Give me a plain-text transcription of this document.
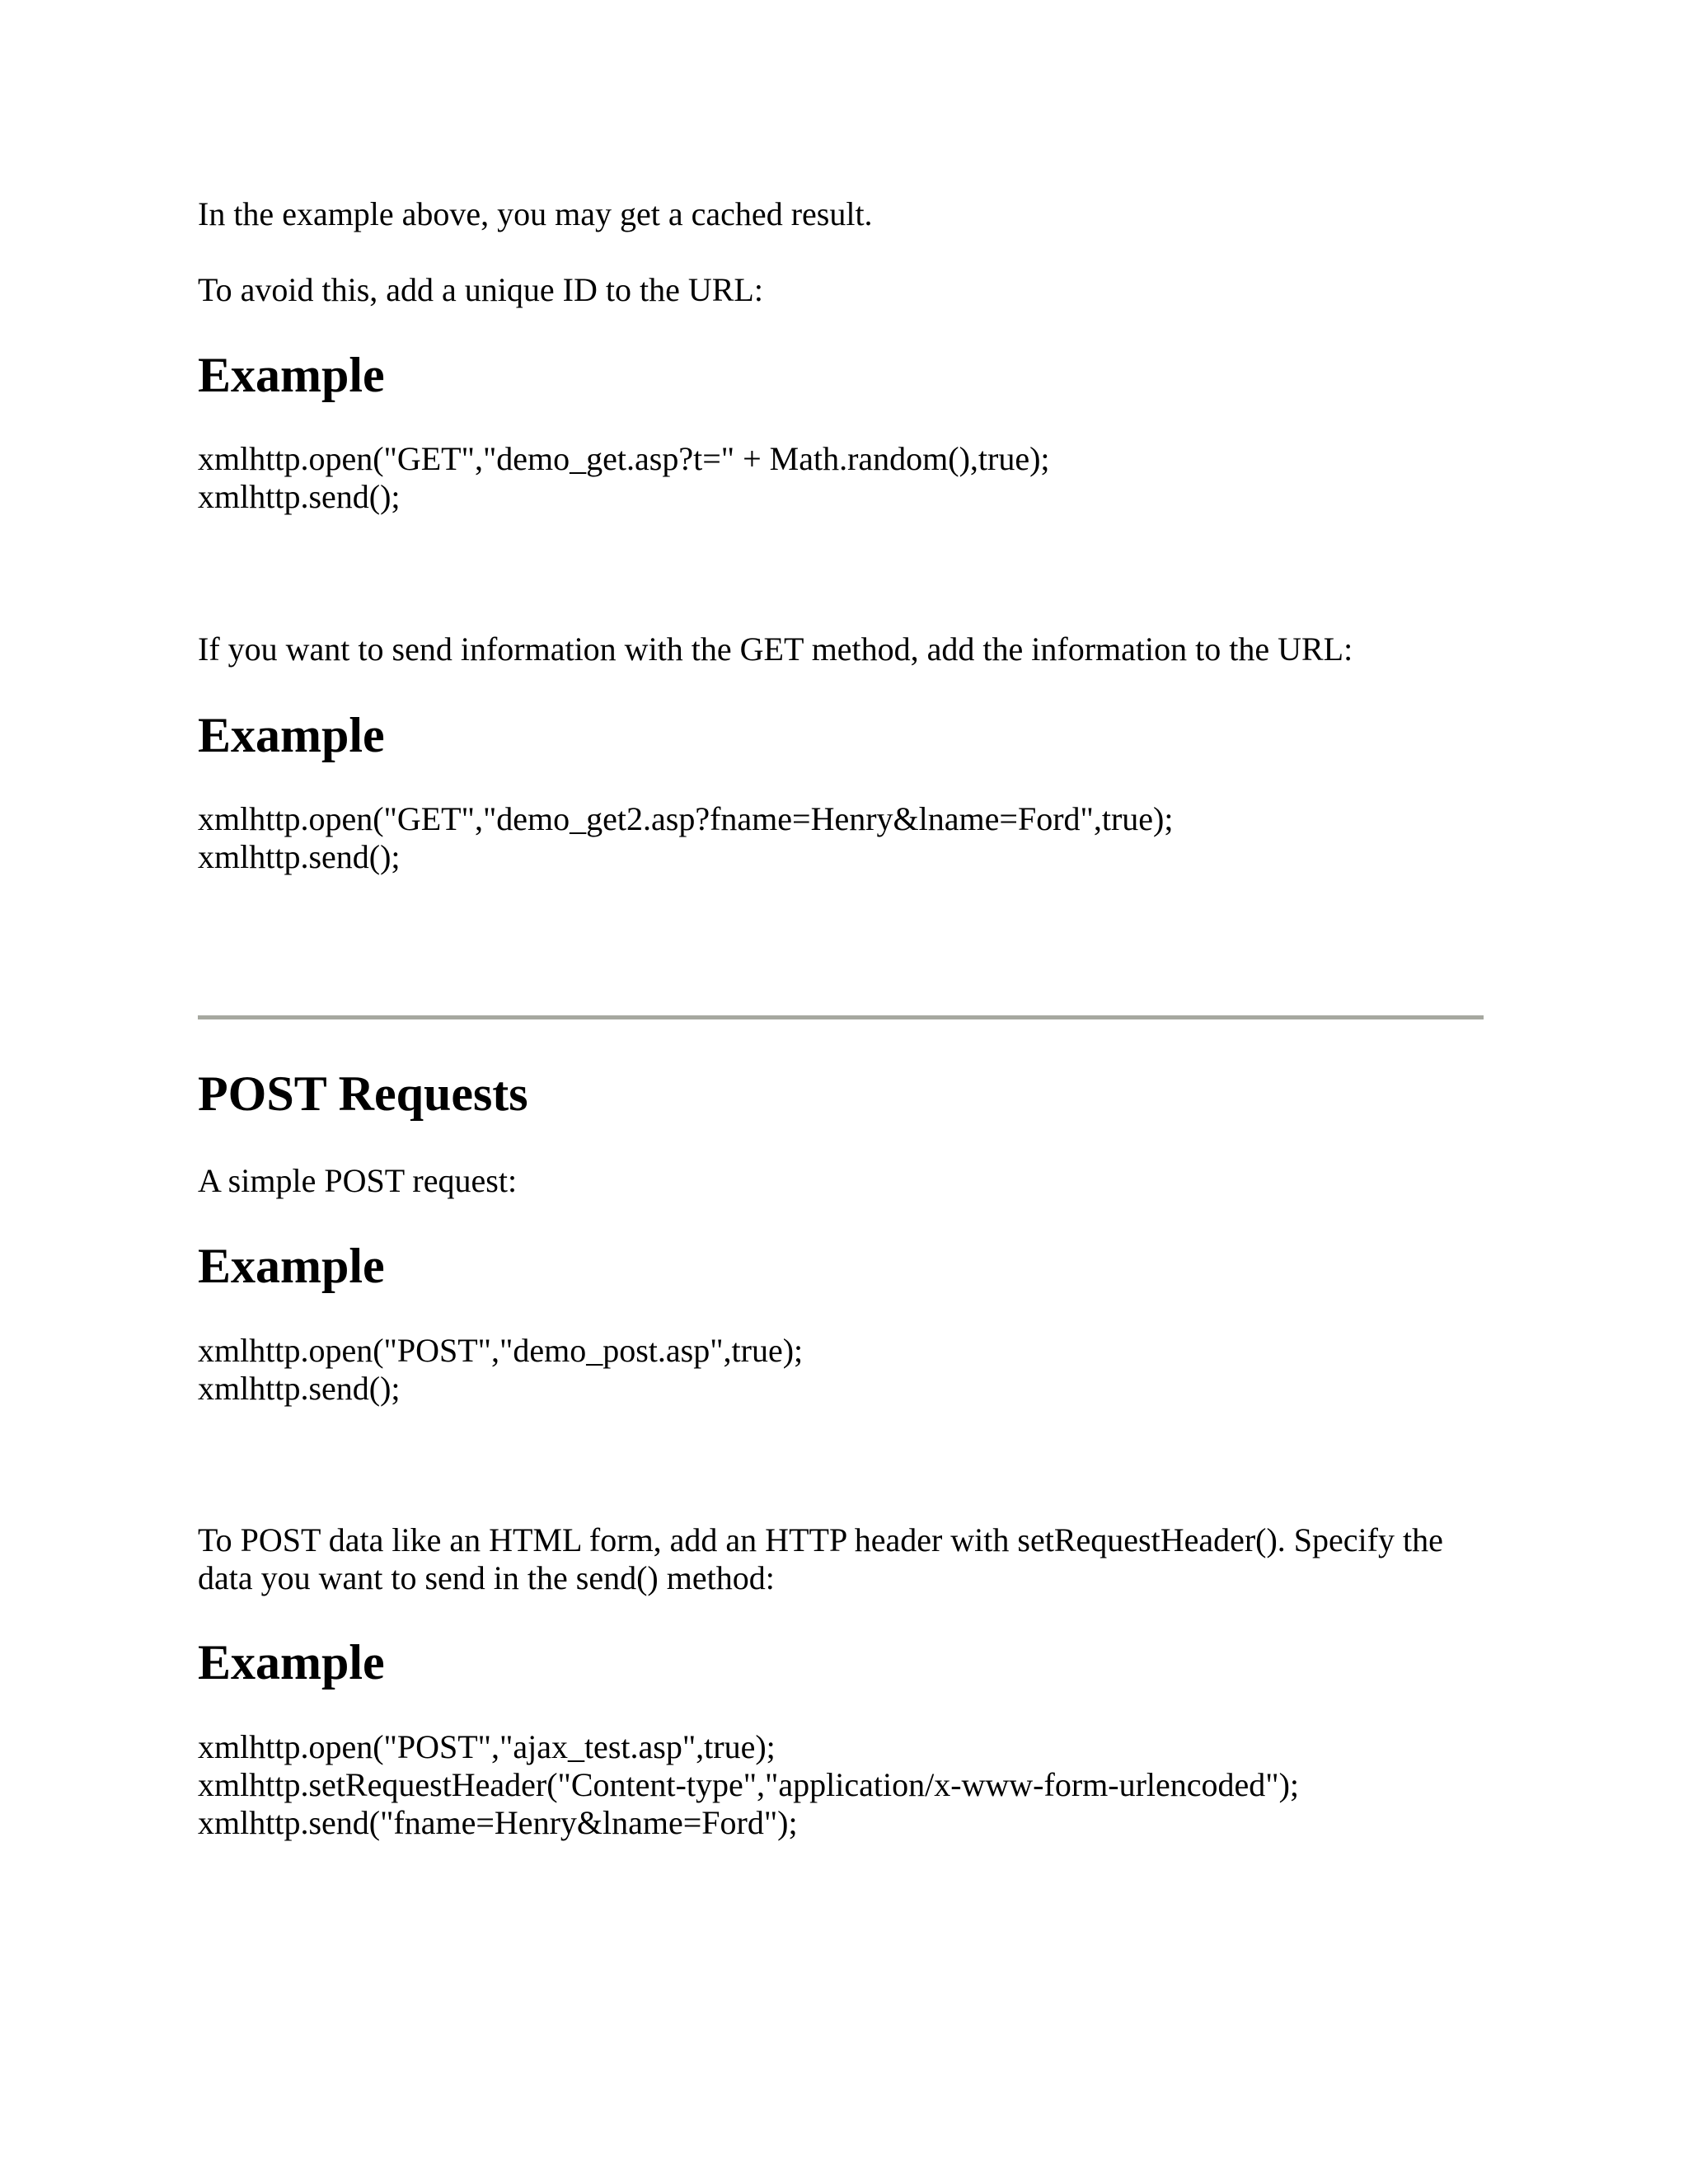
In the example above, you may get a cached result.

To avoid this, add a unique ID to the URL:

Example
xmlhttp.open("GET","demo_get.asp?t=" + Math.random(),true);
xmlhttp.send();

If you want to send information with the GET method, add the information to the URL:

Example
xmlhttp.open("GET","demo_get2.asp?fname=Henry&lname=Ford",true);
xmlhttp.send();
POST Requests

A simple POST request:

Example
xmlhttp.open("POST","demo_post.asp",true);
xmlhttp.send();
To POST data like an HTML form, add an HTTP header with setRequestHeader(). Specify the
data you want to send in the send() method:
Example
xmlhttp.open("POST","ajax_test.asp",true);
xmlhttp.setRequestHeader("Content-type","application/x-www-form-urlencoded");
xmlhttp.send("fname=Henry&lname=Ford");
